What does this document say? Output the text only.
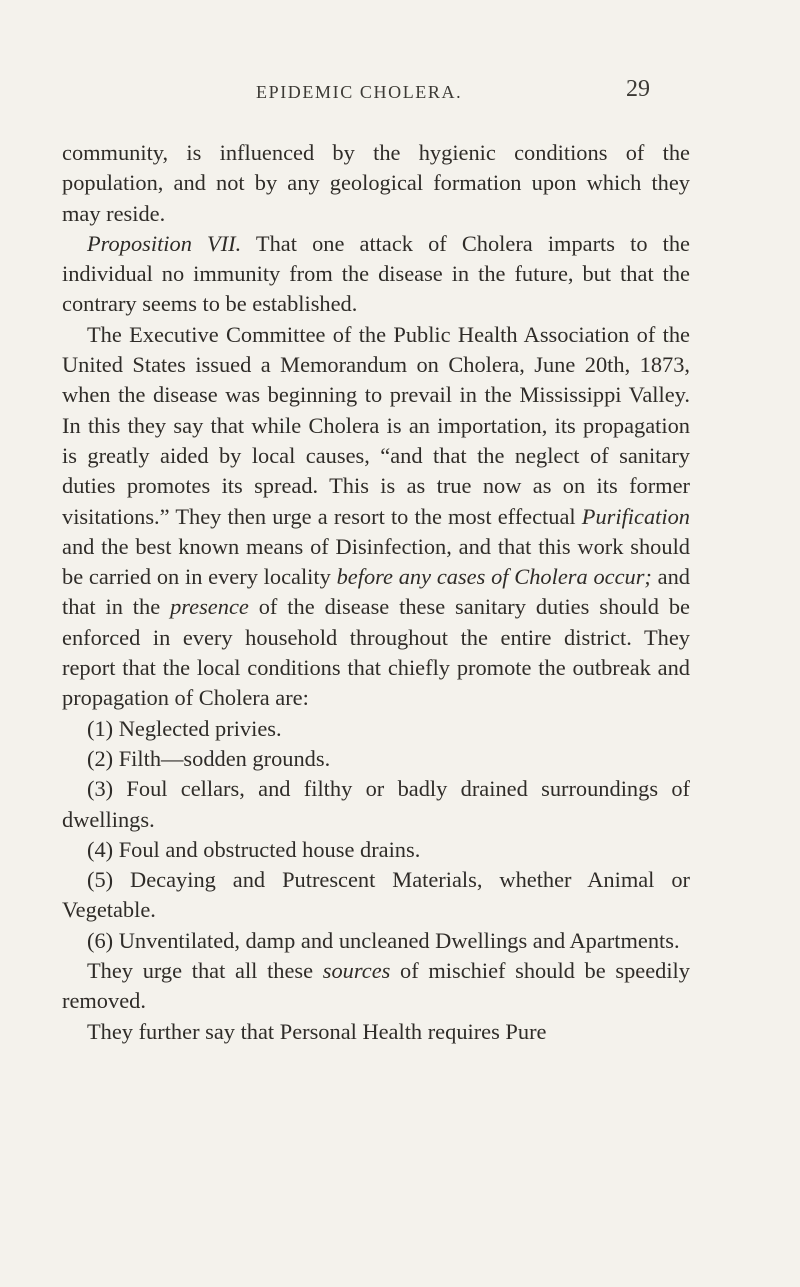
EPIDEMIC CHOLERA.	29

community, is influenced by the hygienic conditions of the population, and not by any geological formation upon which they may reside.

Proposition VII. That one attack of Cholera imparts to the individual no immunity from the disease in the future, but that the contrary seems to be established.

The Executive Committee of the Public Health Association of the United States issued a Memorandum on Cholera, June 20th, 1873, when the disease was beginning to prevail in the Mississippi Valley. In this they say that while Cholera is an importation, its propagation is greatly aided by local causes, “and that the neglect of sanitary duties promotes its spread. This is as true now as on its former visitations.” They then urge a resort to the most effectual Purification and the best known means of Disinfection, and that this work should be carried on in every locality before any cases of Cholera occur; and that in the presence of the disease these sanitary duties should be enforced in every household throughout the entire district. They report that the local conditions that chiefly promote the outbreak and propagation of Cholera are:

(1) Neglected privies.

(2) Filth—sodden grounds.

(3) Foul cellars, and filthy or badly drained surroundings of dwellings.

(4) Foul and obstructed house drains.

(5) Decaying and Putrescent Materials, whether Animal or Vegetable.

(6) Unventilated, damp and uncleaned Dwellings and Apartments.

They urge that all these sources of mischief should be speedily removed.

They further say that Personal Health requires Pure
